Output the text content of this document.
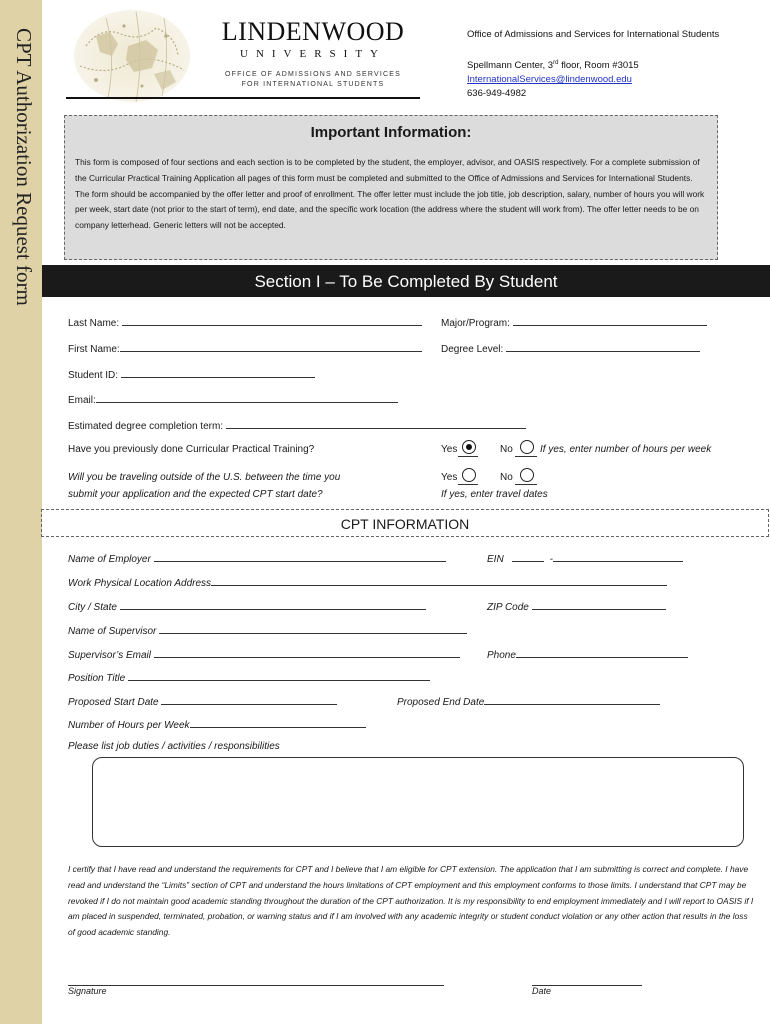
CPT Authorization Request form	LINDENWOOD
UNIVERSITY
OFFICE OF ADMISSIONS AND SERVICES
FOR INTERNATIONAL STUDENTS
Office of Admissions and Services for International Students
Spellmann Center, 3rd floor, Room #3015
InternationalServices@lindenwood.edu
636-949-4982
Important Information:
This form is composed of four sections and each section is to be completed by the student, the employer, advisor, and OASIS respectively. For a complete submission of the Curricular Practical Training Application all pages of this form must be completed and submitted to the Office of Admissions and Services for International Students. The form should be accompanied by the offer letter and proof of enrollment. The offer letter must include the job title, job description, salary, number of hours you will work per week, start date (not prior to the start of term), end date, and the specific work location (the address where the student will work from). The offer letter needs to be on company letterhead. Generic letters will not be accepted.
Section I – To Be Completed By Student
Last Name:	Major/Program:
First Name:	Degree Level:
Student ID:
Email:
Estimated degree completion term:
Have you previously done Curricular Practical Training?	Yes	No	If yes, enter number of hours per week
Will you be traveling outside of the U.S. between the time you
submit your application and the expected CPT start date?
Yes	No
If yes, enter travel dates
CPT INFORMATION
Name of Employer	EIN	-
Work Physical Location Address
City / State	ZIP Code
Name of Supervisor
Supervisor’s Email	Phone
Position Title
Proposed Start Date	Proposed End Date
Number of Hours per Week
Please list job duties / activities / responsibilities
I certify that I have read and understand the requirements for CPT and I believe that I am eligible for CPT extension. The application that I am submitting is correct and complete. I have read and understand the “Limits” section of CPT and understand the hours limitations of CPT employment and this employment conforms to those limits. I understand that CPT may be revoked if I do not maintain good academic standing throughout the duration of the CPT authorization. It is my responsibility to end employment immediately and I will report to OASIS if I am placed in suspended, terminated, probation, or warning status and if I am involved with any academic integrity or student conduct violation or any other action that results in the loss of good academic standing.
Signature	Date
